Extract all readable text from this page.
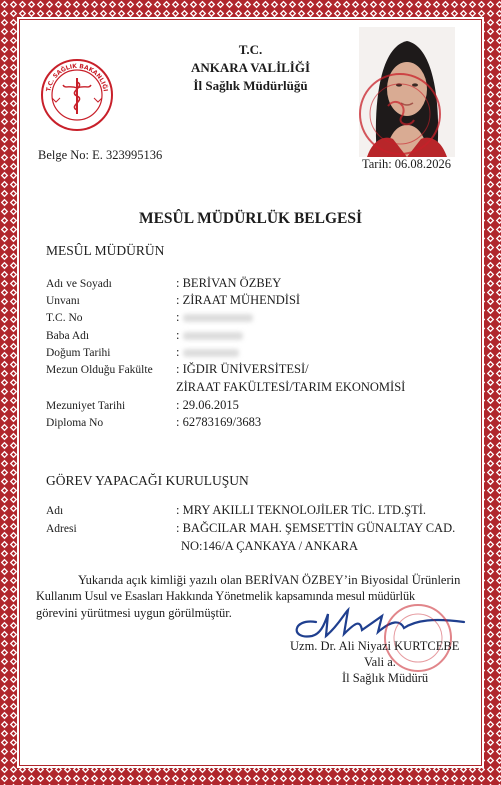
T.C. SAĞLIK BAKANLIĞI

T.C.

ANKARA VALİLİĞİ

İl Sağlık Müdürlüğü

Belge No: E. 323995136

Tarih: 06.08.2026

MESÛL MÜDÜRLÜK BELGESİ

MESÛL MÜDÜRÜN

Adı ve Soyadı	: BERİVAN ÖZBEY

Unvanı	: ZİRAAT MÜHENDİSİ

T.C. No	:

Baba Adı	:

Doğum Tarihi	:

Mezun Olduğu Fakülte : IĞDIR ÜNİVERSİTESİ/

ZİRAAT FAKÜLTESİ/TARIM EKONOMİSİ

Mezuniyet Tarihi	: 29.06.2015

Diploma No	: 62783169/3683

GÖREV YAPACAĞI KURULUŞUN

Adı	: MRY AKILLI TEKNOLOJİLER TİC. LTD.ŞTİ.

Adresi	: BAĞCILAR MAH. ŞEMSETTİN GÜNALTAY CAD.

NO:146/A ÇANKAYA / ANKARA

Yukarıda açık kimliği yazılı olan BERİVAN ÖZBEY’in Biyosidal Ürünlerin

Kullanım Usul ve Esasları Hakkında Yönetmelik kapsamında mesul müdürlük

görevini yürütmesi uygun görülmüştür.

Uzm. Dr. Ali Niyazi KURTCEBE

Vali a.

İl Sağlık Müdürü
